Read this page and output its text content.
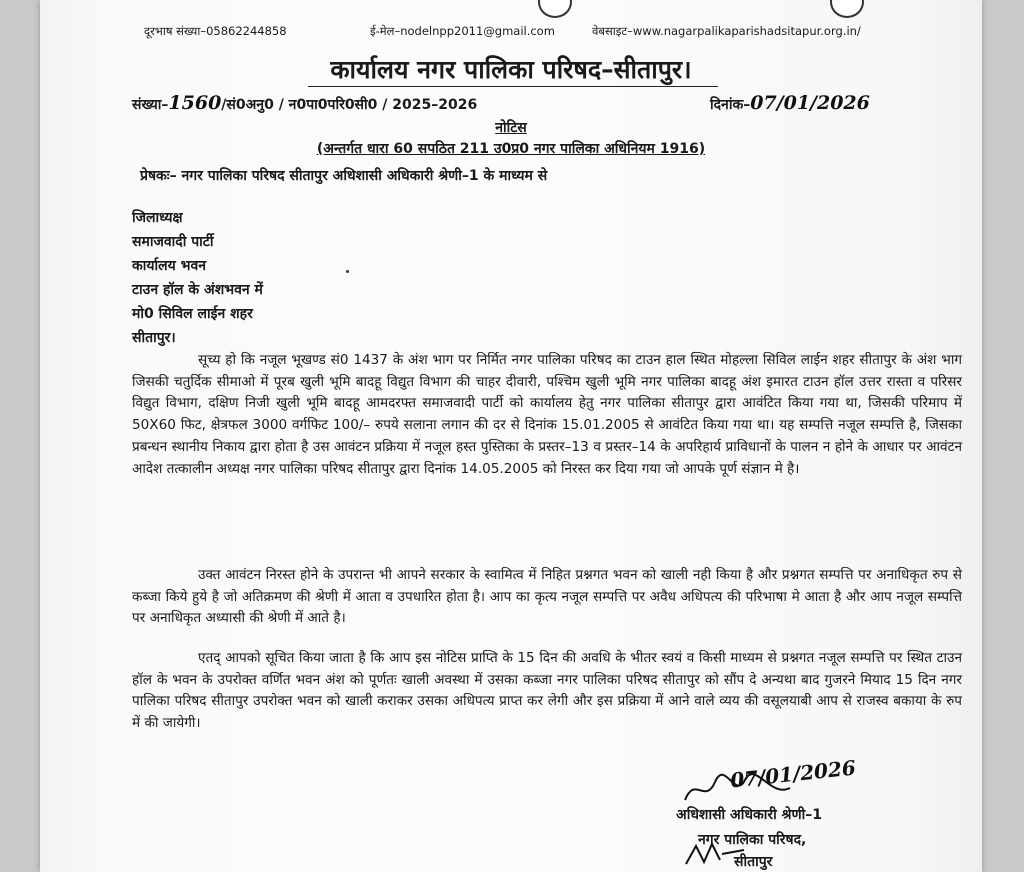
दूरभाष संख्या–05862244858	ई-मेल–nodelnpp2011@gmail.com	वेबसाइट–www.nagarpalikaparishadsitapur.org.in/
कार्यालय नगर पालिका परिषद–सीतापुर।
संख्या–1560/सं0अनु0 / न0पा0परि0सी0 / 2025–2026	दिनांक–07/01/2026
नोटिस
(अन्तर्गत धारा 60 सपठित 211 उ0प्र0 नगर पालिका अधिनियम 1916)
प्रेषकः– नगर पालिका परिषद सीतापुर अधिशासी अधिकारी श्रेणी–1 के माध्यम से
जिलाध्यक्ष
समाजवादी पार्टी
कार्यालय भवन
टाउन हॉल के अंशभवन में
मो0 सिविल लाईन शहर
सीतापुर।

सूच्य हो कि नजूल भूखण्ड सं0 1437 के अंश भाग पर निर्मित नगर पालिका परिषद का टाउन हाल स्थित मोहल्ला सिविल लाईन शहर सीतापुर के अंश भाग जिसकी चतुर्दिक सीमाओ में पूरब खुली भूमि बादहू विद्युत विभाग की चाहर दीवारी, पश्चिम खुली भूमि नगर पालिका बादहू अंश इमारत टाउन हॉल उत्तर रास्ता व परिसर विद्युत विभाग, दक्षिण निजी खुली भूमि बादहू आमदरफ्त समाजवादी पार्टी को कार्यालय हेतु नगर पालिका सीतापुर द्वारा आवंटित किया गया था, जिसकी परिमाप में 50X60 फिट, क्षेत्रफल 3000 वर्गफिट 100/– रुपये सलाना लगान की दर से दिनांक 15.01.2005 से आवंटित किया गया था। यह सम्पत्ति नजूल सम्पत्ति है, जिसका प्रबन्धन स्थानीय निकाय द्वारा होता है उस आवंटन प्रक्रिया में नजूल हस्त पुस्तिका के प्रस्तर–13 व प्रस्तर–14 के अपरिहार्य प्राविधानों के पालन न होने के आधार पर आवंटन आदेश तत्कालीन अध्यक्ष नगर पालिका परिषद सीतापुर द्वारा दिनांक 14.05.2005 को निरस्त कर दिया गया जो आपके पूर्ण संज्ञान मे है।

उक्त आवंटन निरस्त होने के उपरान्त भी आपने सरकार के स्वामित्व में निहित प्रश्नगत भवन को खाली नही किया है और प्रश्नगत सम्पत्ति पर अनाधिकृत रुप से कब्जा किये हुये है जो अतिक्रमण की श्रेणी में आता व उपधारित होता है। आप का कृत्य नजूल सम्पत्ति पर अवैध अधिपत्य की परिभाषा मे आता है और आप नजूल सम्पत्ति पर अनाधिकृत अध्यासी की श्रेणी में आते है।

एतद् आपको सूचित किया जाता है कि आप इस नोटिस प्राप्ति के 15 दिन की अवधि के भीतर स्वयं व किसी माध्यम से प्रश्नगत नजूल सम्पत्ति पर स्थित टाउन हॉल के भवन के उपरोक्त वर्णित भवन अंश को पूर्णतः खाली अवस्था में उसका कब्जा नगर पालिका परिषद सीतापुर को सौंप दे अन्यथा बाद गुजरने मियाद 15 दिन नगर पालिका परिषद सीतापुर उपरोक्त भवन को खाली कराकर उसका अधिपत्य प्राप्त कर लेगी और इस प्रक्रिया में आने वाले व्यय की वसूलयाबी आप से राजस्व बकाया के रुप में की जायेगी।

07/01/2026
अधिशासी अधिकारी श्रेणी–1
नगर पालिका परिषद,
सीतापुर
